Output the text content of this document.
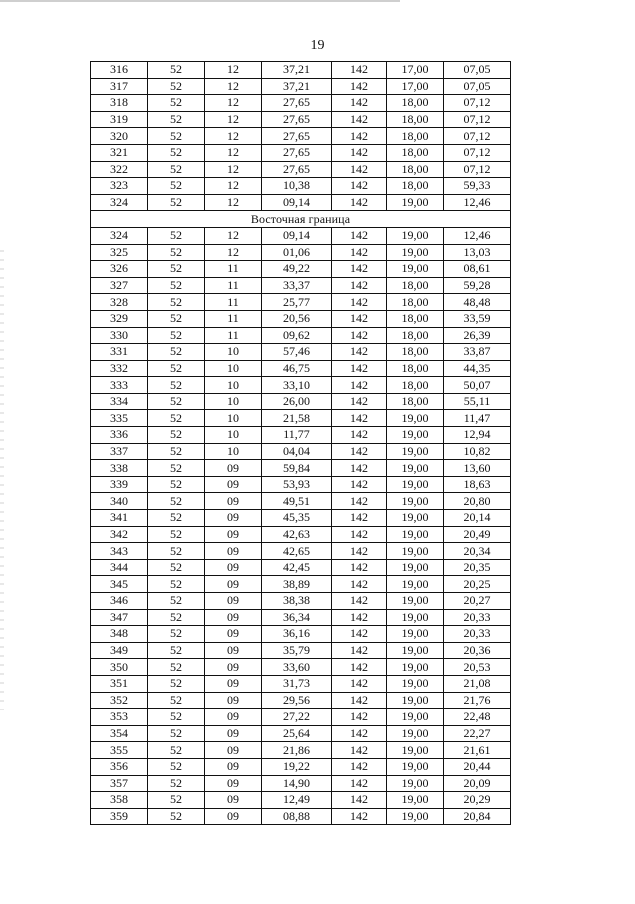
19
316	52	12	37,21	142	17,00	07,05
317	52	12	37,21	142	17,00	07,05
318	52	12	27,65	142	18,00	07,12
319	52	12	27,65	142	18,00	07,12
320	52	12	27,65	142	18,00	07,12
321	52	12	27,65	142	18,00	07,12
322	52	12	27,65	142	18,00	07,12
323	52	12	10,38	142	18,00	59,33
324	52	12	09,14	142	19,00	12,46
Восточная граница						
324	52	12	09,14	142	19,00	12,46
325	52	12	01,06	142	19,00	13,03
326	52	11	49,22	142	19,00	08,61
327	52	11	33,37	142	18,00	59,28
328	52	11	25,77	142	18,00	48,48
329	52	11	20,56	142	18,00	33,59
330	52	11	09,62	142	18,00	26,39
331	52	10	57,46	142	18,00	33,87
332	52	10	46,75	142	18,00	44,35
333	52	10	33,10	142	18,00	50,07
334	52	10	26,00	142	18,00	55,11
335	52	10	21,58	142	19,00	11,47
336	52	10	11,77	142	19,00	12,94
337	52	10	04,04	142	19,00	10,82
338	52	09	59,84	142	19,00	13,60
339	52	09	53,93	142	19,00	18,63
340	52	09	49,51	142	19,00	20,80
341	52	09	45,35	142	19,00	20,14
342	52	09	42,63	142	19,00	20,49
343	52	09	42,65	142	19,00	20,34
344	52	09	42,45	142	19,00	20,35
345	52	09	38,89	142	19,00	20,25
346	52	09	38,38	142	19,00	20,27
347	52	09	36,34	142	19,00	20,33
348	52	09	36,16	142	19,00	20,33
349	52	09	35,79	142	19,00	20,36
350	52	09	33,60	142	19,00	20,53
351	52	09	31,73	142	19,00	21,08
352	52	09	29,56	142	19,00	21,76
353	52	09	27,22	142	19,00	22,48
354	52	09	25,64	142	19,00	22,27
355	52	09	21,86	142	19,00	21,61
356	52	09	19,22	142	19,00	20,44
357	52	09	14,90	142	19,00	20,09
358	52	09	12,49	142	19,00	20,29
359	52	09	08,88	142	19,00	20,84
